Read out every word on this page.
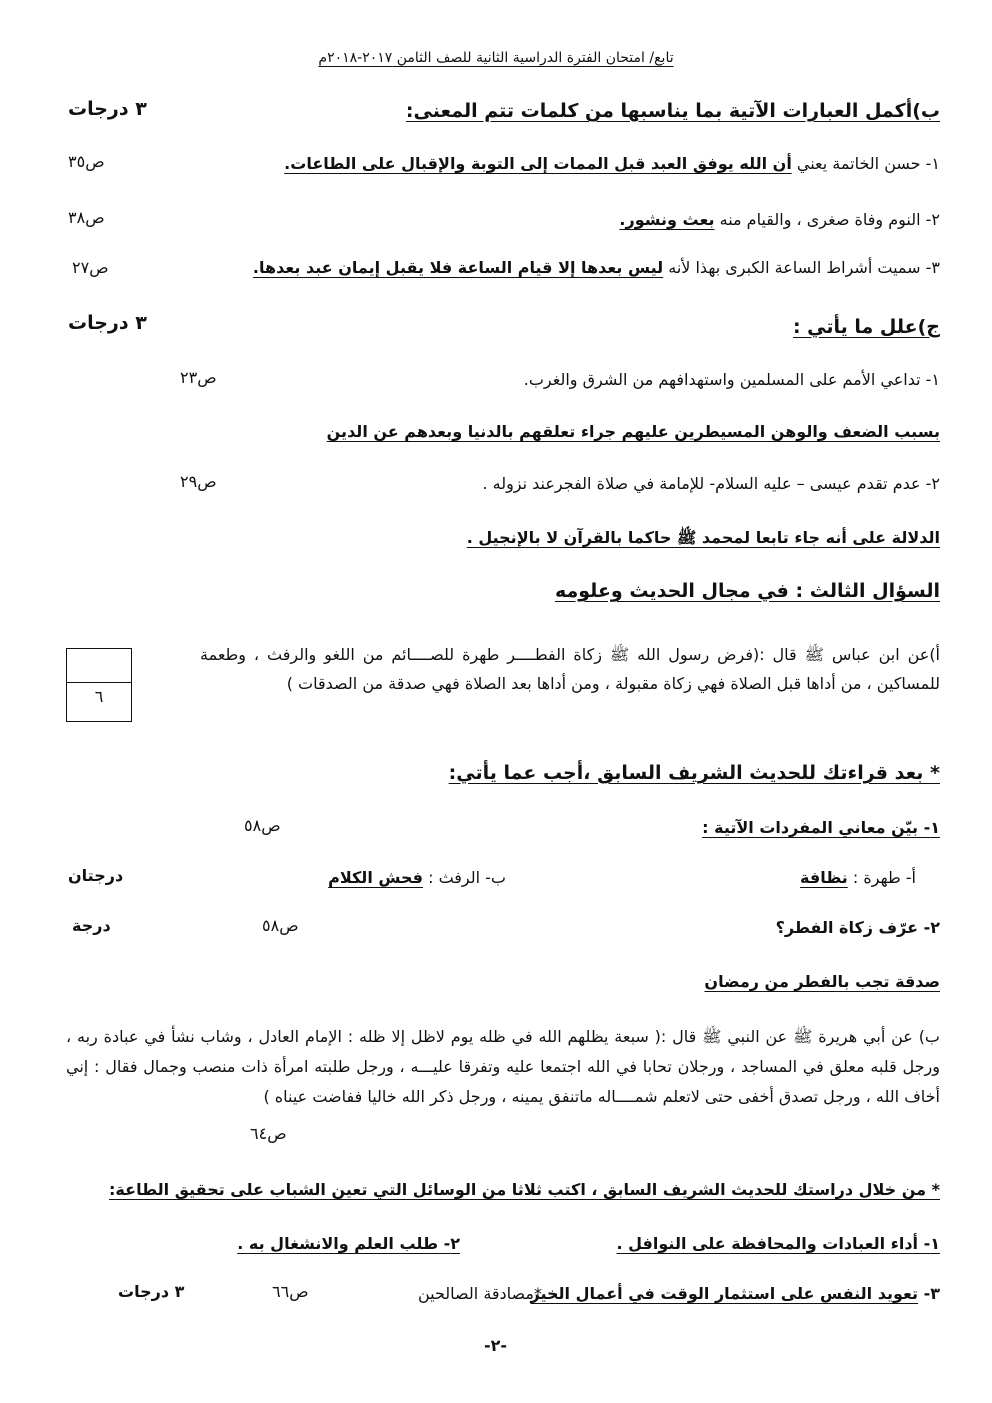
تابع/ امتحان الفترة الدراسية الثانية للصف الثامن ٢٠١٧-٢٠١٨م
ب)أكمل العبارات الآتية بما يناسبها من كلمات تتم المعنى:
٣ درجات
١- حسن الخاتمة يعني أن الله يوفق العبد قبل الممات إلى التوبة والإقبال على الطاعات.
ص٣٥
٢- النوم وفاة صغرى ، والقيام منه بعث ونشور.
ص٣٨
٣- سميت أشراط الساعة الكبرى بهذا لأنه ليس بعدها إلا قيام الساعة فلا يقبل إيمان عبد بعدها.
ص٢٧
ج)علل ما يأتي :
٣ درجات
١- تداعي الأمم على المسلمين واستهدافهم من الشرق والغرب.
ص٢٣
بسبب الضعف والوهن المسيطرين عليهم جراء تعلقهم بالدنيا وبعدهم عن الدين
٢- عدم تقدم عيسى – عليه السلام- للإمامة في صلاة الفجرعند نزوله .
ص٢٩
الدلالة على أنه جاء تابعا لمحمد ﷺ حاكما بالقرآن لا بالإنجيل .
السؤال الثالث : في مجال الحديث وعلومه
٦
أ)عن ابن عباس ﷺ قال :(فرض رسول الله ﷺ زكاة الفطــــر طهرة للصــــائم من اللغو والرفث ، وطعمة للمساكين ، من أداها قبل الصلاة فهي زكاة مقبولة ، ومن أداها بعد الصلاة فهي صدقة من الصدقات )
* بعد قراءتك للحديث الشريف السابق ،أجب عما يأتي:
١- بيّن معاني المفردات الآتية :
ص٥٨
أ- طهرة : نظافة
ب- الرفث : فحش الكلام
درجتان
٢- عرّف زكاة الفطر؟
ص٥٨
درجة
صدقة تجب بالفطر من رمضان
ب) عن أبي هريرة ﷺ عن النبي ﷺ قال :( سبعة يظلهم الله في ظله يوم لاظل إلا ظله : الإمام العادل ، وشاب نشأ في عبادة ربه ، ورجل قلبه معلق في المساجد ، ورجلان تحابا في الله اجتمعا عليه وتفرقا عليـــه ، ورجل طلبته امرأة ذات منصب وجمال فقال : إني أخاف الله ، ورجل تصدق أخفى حتى لاتعلم شمــــاله ماتنفق يمينه ، ورجل ذكر الله خاليا ففاضت عيناه )
ص٦٤
* من خلال دراستك للحديث الشريف السابق ، اكتب ثلاثا من الوسائل التي تعين الشباب على تحقيق الطاعة:
١- أداء العبادات والمحافظة على النوافل .
٢- طلب العلم والانشغال به .
٣- تعويد النفس على استثمار الوقت في أعمال الخير
*مصادقة الصالحين
ص٦٦
٣ درجات
-٢-
